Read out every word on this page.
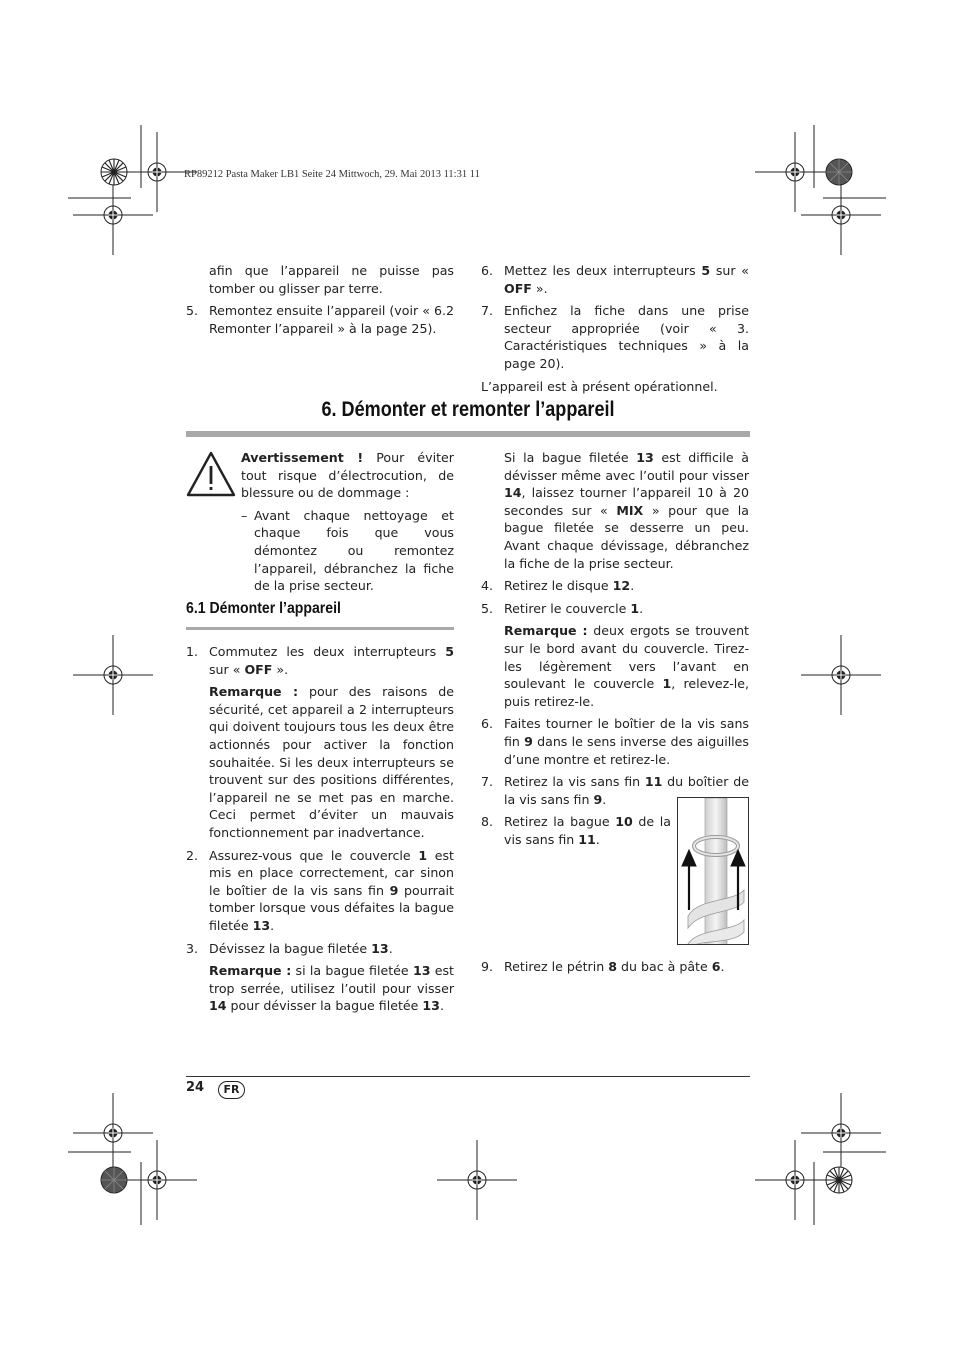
RP89212 Pasta Maker LB1 Seite 24 Mittwoch, 29. Mai 2013 11:31 11
afin que l’appareil ne puisse pas tomber ou glisser par terre.
5. Remontez ensuite l’appareil (voir « 6.2 Remonter l’appareil » à la page 25).
6. Mettez les deux interrupteurs 5 sur « OFF ».
7. Enfichez la fiche dans une prise secteur appropriée (voir « 3. Caractéristiques techniques » à la page 20).
L’appareil est à présent opérationnel.
6. Démonter et remonter l’appareil
Avertissement ! Pour éviter tout risque d’électrocution, de blessure ou de dommage :
– Avant chaque nettoyage et chaque fois que vous démontez ou remontez l’appareil, débranchez la fiche de la prise secteur.
6.1 Démonter l’appareil
1. Commutez les deux interrupteurs 5 sur « OFF ».
Remarque : pour des raisons de sécurité, cet appareil a 2 interrupteurs qui doivent toujours tous les deux être actionnés pour activer la fonction souhaitée. Si les deux interrupteurs se trouvent sur des positions différentes, l’appareil ne se met pas en marche. Ceci permet d’éviter un mauvais fonctionnement par inadvertance.
2. Assurez-vous que le couvercle 1 est mis en place correctement, car sinon le boîtier de la vis sans fin 9 pourrait tomber lorsque vous défaites la bague filetée 13.
3. Dévissez la bague filetée 13.
Remarque : si la bague filetée 13 est trop serrée, utilisez l’outil pour visser 14 pour dévisser la bague filetée 13.
Si la bague filetée 13 est difficile à dévisser même avec l’outil pour visser 14, laissez tourner l’appareil 10 à 20 secondes sur « MIX » pour que la bague filetée se desserre un peu. Avant chaque dévissage, débranchez la fiche de la prise secteur.
4. Retirez le disque 12.
5. Retirer le couvercle 1.
Remarque : deux ergots se trouvent sur le bord avant du couvercle. Tirez-les légèrement vers l’avant en soulevant le couvercle 1, relevez-le, puis retirez-le.
6. Faites tourner le boîtier de la vis sans fin 9 dans le sens inverse des aiguilles d’une montre et retirez-le.
7. Retirez la vis sans fin 11 du boîtier de la vis sans fin 9.
8. Retirez la bague 10 de la vis sans fin 11.
9. Retirez le pétrin 8 du bac à pâte 6.
24	FR
